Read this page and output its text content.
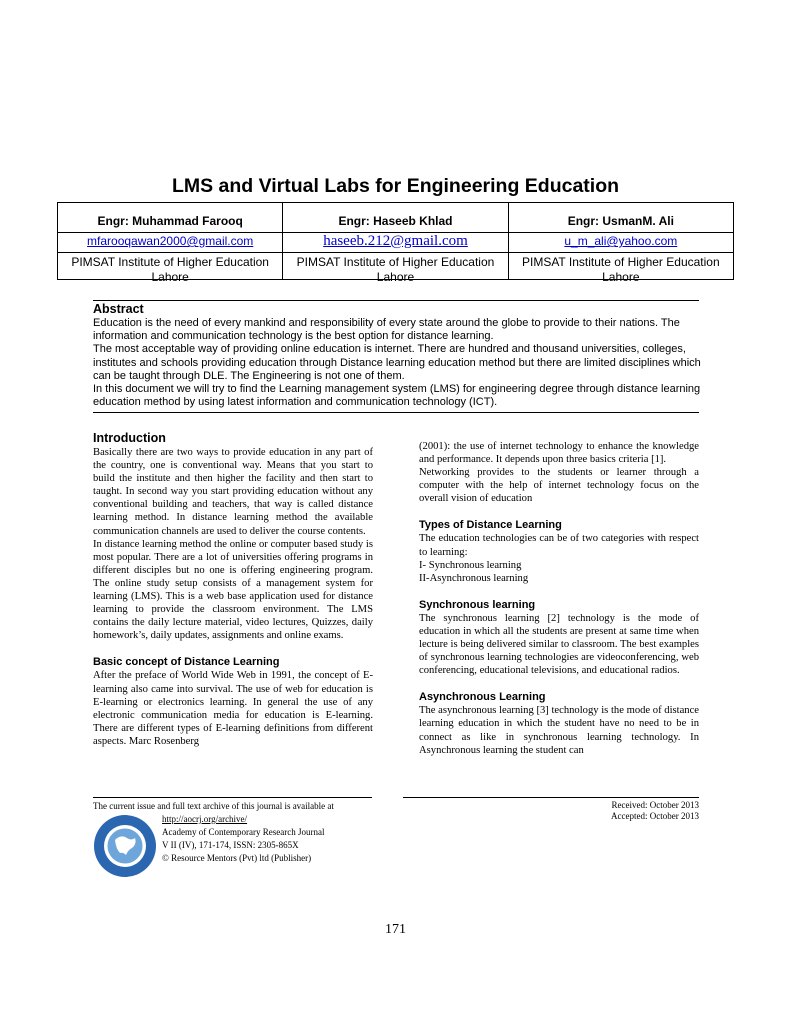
LMS and Virtual Labs for Engineering Education
Engr: Muhammad Farooq
mfarooqawan2000@gmail.com
PIMSAT Institute of Higher Education Lahore
Engr: Haseeb Khlad
haseeb.212@gmail.com
PIMSAT Institute of Higher Education Lahore
Engr: UsmanM. Ali
u_m_ali@yahoo.com
PIMSAT Institute of Higher Education Lahore
Abstract

Education is the need of every mankind and responsibility of every state around the globe to provide to their nations. The information and communication technology is the best option for distance learning.

The most acceptable way of providing online education is internet. There are hundred and thousand universities, colleges, institutes and schools providing education through Distance learning education method but there are limited disciplines which can be taught through DLE. The Engineering is not one of them.

In this document we will try to find the Learning management system (LMS) for engineering degree through distance learning education method by using latest information and communication technology (ICT).

Introduction

Basically there are two ways to provide education in any part of the country, one is conventional way. Means that you start to build the institute and then higher the facility and then start to taught. In second way you start providing education without any conventional building and teachers, that way is called distance learning method. In distance learning method the available communication channels are used to deliver the course contents.

In distance learning method the online or computer based study is most popular. There are a lot of universities offering programs in different disciples but no one is offering engineering program. The online study setup consists of a management system for learning (LMS). This is a web base application used for distance learning to provide the classroom environment. The LMS contains the daily lecture material, video lectures, Quizzes, daily homework’s, daily updates, assignments and online exams.

Basic concept of Distance Learning

After the preface of World Wide Web in 1991, the concept of E-learning also came into survival. The use of web for education is E-learning or electronics learning. In general the use of any electronic communication media for education is E-learning. There are different types of E-learning definitions from different aspects. Marc Rosenberg

(2001): the use of internet technology to enhance the knowledge and performance. It depends upon three basics criteria [1].

Networking provides to the students or learner through a computer with the help of internet technology focus on the overall vision of education

Types of Distance Learning

The education technologies can be of two categories with respect to learning:

I- Synchronous learning

II-Asynchronous learning

Synchronous learning

The synchronous learning [2] technology is the mode of education in which all the students are present at same time when lecture is being delivered similar to classroom. The best examples of synchronous learning technologies are videoconferencing, web conferencing, educational televisions, and educational radios.

Asynchronous Learning

The asynchronous learning [3] technology is the mode of distance learning education in which the student have no need to be in connect as like in synchronous learning technology. In Asynchronous learning the student can

The current issue and full text archive of this journal is available at
http://aocrj.org/archive/
Academy of Contemporary Research Journal
V II (IV), 171-174, ISSN: 2305-865X
© Resource Mentors (Pvt) ltd (Publisher)
Received: October 2013
Accepted: October 2013
171
